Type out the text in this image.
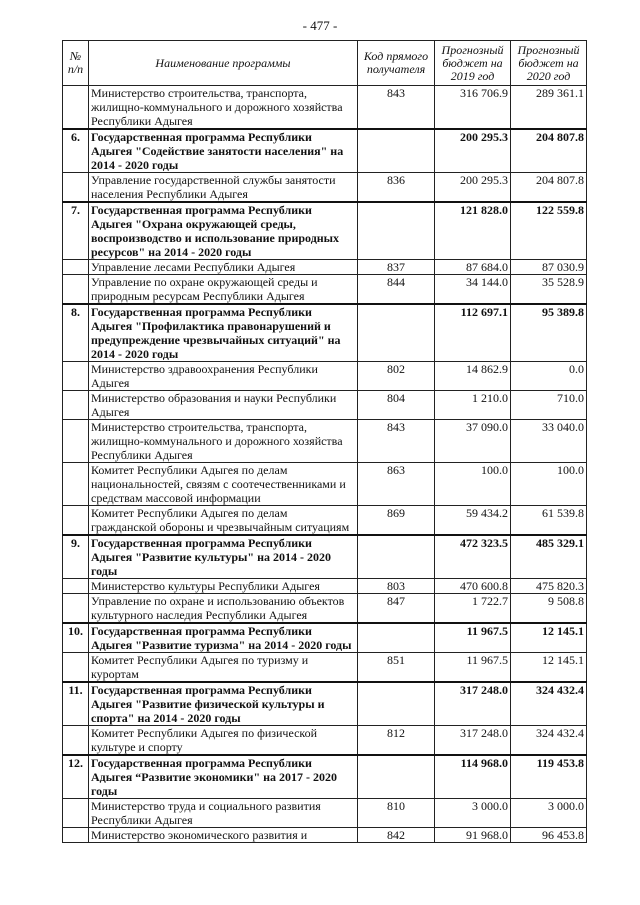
- 477 -
№ п/п	Наименование программы	Код прямого получателя	Прогнозный бюджет на 2019 год	Прогнозный бюджет на 2020 год
	Министерство строительства, транспорта, жилищно-коммунального и дорожного хозяйства Республики Адыгея	843	316 706.9	289 361.1
6.	Государственная программа Республики Адыгея "Содействие занятости населения" на 2014 - 2020 годы		200 295.3	204 807.8
	Управление государственной службы занятости населения Республики Адыгея	836	200 295.3	204 807.8
7.	Государственная программа Республики Адыгея "Охрана окружающей среды, воспроизводство и использование природных ресурсов" на 2014 - 2020 годы		121 828.0	122 559.8
	Управление лесами Республики Адыгея	837	87 684.0	87 030.9
	Управление по охране окружающей среды и природным ресурсам Республики Адыгея	844	34 144.0	35 528.9
8.	Государственная программа Республики Адыгея "Профилактика правонарушений и предупреждение чрезвычайных ситуаций" на 2014 - 2020 годы		112 697.1	95 389.8
	Министерство здравоохранения Республики Адыгея	802	14 862.9	0.0
	Министерство образования и науки Республики Адыгея	804	1 210.0	710.0
	Министерство строительства, транспорта, жилищно-коммунального и дорожного хозяйства Республики Адыгея	843	37 090.0	33 040.0
	Комитет Республики Адыгея по делам национальностей, связям с соотечественниками и средствам массовой информации	863	100.0	100.0
	Комитет Республики Адыгея по делам гражданской обороны и чрезвычайным ситуациям	869	59 434.2	61 539.8
9.	Государственная программа Республики Адыгея "Развитие культуры" на 2014 - 2020 годы		472 323.5	485 329.1
	Министерство культуры Республики Адыгея	803	470 600.8	475 820.3
	Управление по охране и использованию объектов культурного наследия Республики Адыгея	847	1 722.7	9 508.8
10.	Государственная программа Республики Адыгея "Развитие туризма" на 2014 - 2020 годы		11 967.5	12 145.1
	Комитет Республики Адыгея по туризму и курортам	851	11 967.5	12 145.1
11.	Государственная программа Республики Адыгея "Развитие физической культуры и спорта" на 2014 - 2020 годы		317 248.0	324 432.4
	Комитет Республики Адыгея по физической культуре и спорту	812	317 248.0	324 432.4
12.	Государственная программа Республики Адыгея “Развитие экономики" на 2017 - 2020 годы		114 968.0	119 453.8
	Министерство труда и социального развития Республики Адыгея	810	3 000.0	3 000.0
	Министерство экономического развития и	842	91 968.0	96 453.8
